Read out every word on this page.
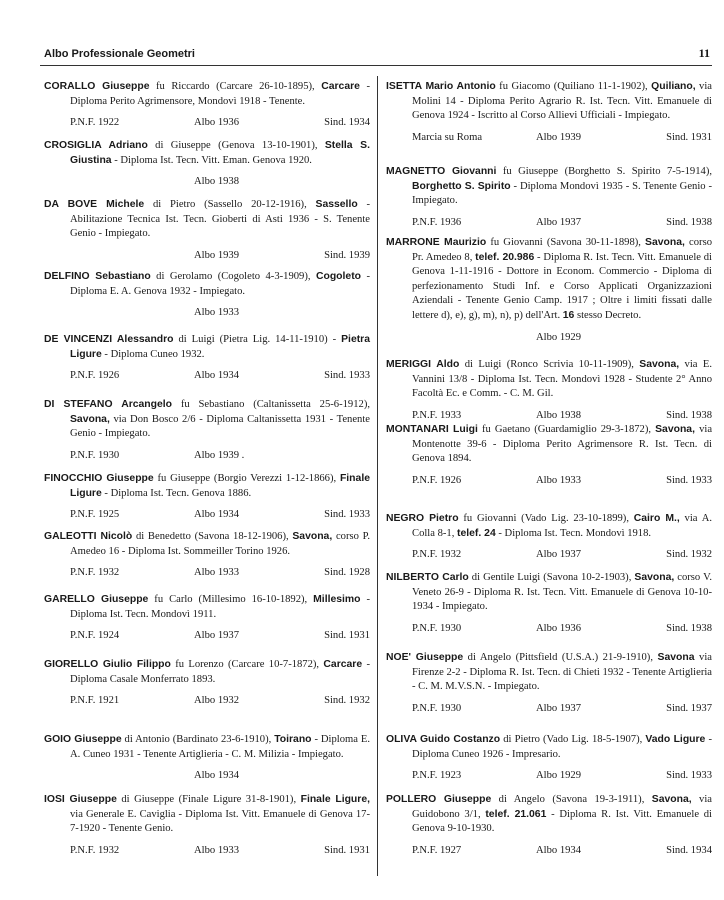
Albo Professionale Geometri	11
CORALLO Giuseppe fu Riccardo (Carcare 26-10-1895), Carcare - Diploma Perito Agrimensore, Mondovì 1918 - Tenente.
P.N.F. 1922	Albo 1936	Sind. 1934
CROSIGLIA Adriano di Giuseppe (Genova 13-10-1901), Stella S. Giustina - Diploma Ist. Tecn. Vitt. Eman. Genova 1920.
Albo 1938
DA BOVE Michele di Pietro (Sassello 20-12-1916), Sassello - Abilitazione Tecnica Ist. Tecn. Gioberti di Asti 1936 - S. Tenente Genio - Impiegato.
Albo 1939	Sind. 1939
DELFINO Sebastiano di Gerolamo (Cogoleto 4-3-1909), Cogoleto - Diploma E. A. Genova 1932 - Impiegato.
Albo 1933
DE VINCENZI Alessandro di Luigi (Pietra Lig. 14-11-1910) - Pietra Ligure - Diploma Cuneo 1932.
P.N.F. 1926	Albo 1934	Sind. 1933
DI STEFANO Arcangelo fu Sebastiano (Caltanissetta 25-6-1912), Savona, via Don Bosco 2/6 - Diploma Caltanissetta 1931 - Tenente Genio - Impiegato.
P.N.F. 1930	Albo 1939 .
FINOCCHIO Giuseppe fu Giuseppe (Borgio Verezzi 1-12-1866), Finale Ligure - Diploma Ist. Tecn. Genova 1886.
P.N.F. 1925	Albo 1934	Sind. 1933
GALEOTTI Nicolò di Benedetto (Savona 18-12-1906), Savona, corso P. Amedeo 16 - Diploma Ist. Sommeiller Torino 1926.
P.N.F. 1932	Albo 1933	Sind. 1928
GARELLO Giuseppe fu Carlo (Millesimo 16-10-1892), Millesimo - Diploma Ist. Tecn. Mondovì 1911.
P.N.F. 1924	Albo 1937	Sind. 1931
GIORELLO Giulio Filippo fu Lorenzo (Carcare 10-7-1872), Carcare - Diploma Casale Monferrato 1893.
P.N.F. 1921	Albo 1932	Sind. 1932
GOIO Giuseppe di Antonio (Bardinato 23-6-1910), Toirano - Diploma E. A. Cuneo 1931 - Tenente Artiglieria - C. M. Milizia - Impiegato.
Albo 1934
IOSI Giuseppe di Giuseppe (Finale Ligure 31-8-1901), Finale Ligure, via Generale E. Caviglia - Diploma Ist. Vitt. Emanuele di Genova 17-7-1920 - Tenente Genio.
P.N.F. 1932	Albo 1933	Sind. 1931
ISETTA Mario Antonio fu Giacomo (Quiliano 11-1-1902), Quiliano, via Molini 14 - Diploma Perito Agrario R. Ist. Tecn. Vitt. Emanuele di Genova 1924 - Iscritto al Corso Allievi Ufficiali - Impiegato.
Marcia su Roma	Albo 1939	Sind. 1931
MAGNETTO Giovanni fu Giuseppe (Borghetto S. Spirito 7-5-1914), Borghetto S. Spirito - Diploma Mondovì 1935 - S. Tenente Genio - Impiegato.
P.N.F. 1936	Albo 1937	Sind. 1938
MARRONE Maurizio fu Giovanni (Savona 30-11-1898), Savona, corso Pr. Amedeo 8, telef. 20.986 - Diploma R. Ist. Tecn. Vitt. Emanuele di Genova 1-11-1916 - Dottore in Econom. Commercio - Diploma di perfezionamento Studi Inf. e Corso Applicati Organizzazioni Aziendali - Tenente Genio Camp. 1917 ; Oltre i limiti fissati dalle lettere d), e), g), m), n), p) dell'Art. 16 stesso Decreto.
Albo 1929
MERIGGI Aldo di Luigi (Ronco Scrivia 10-11-1909), Savona, via E. Vannini 13/8 - Diploma Ist. Tecn. Mondovì 1928 - Studente 2° Anno Facoltà Ec. e Comm. - C. M. Gil.
P.N.F. 1933	Albo 1938	Sind. 1938
MONTANARI Luigi fu Gaetano (Guardamiglio 29-3-1872), Savona, via Montenotte 39-6 - Diploma Perito Agrimensore R. Ist. Tecn. di Genova 1894.
P.N.F. 1926	Albo 1933	Sind. 1933
NEGRO Pietro fu Giovanni (Vado Lig. 23-10-1899), Cairo M., via A. Colla 8-1, telef. 24 - Diploma Ist. Tecn. Mondovì 1918.
P.N.F. 1932	Albo 1937	Sind. 1932
NILBERTO Carlo di Gentile Luigi (Savona 10-2-1903), Savona, corso V. Veneto 26-9 - Diploma R. Ist. Tecn. Vitt. Emanuele di Genova 10-10-1934 - Impiegato.
P.N.F. 1930	Albo 1936	Sind. 1938
NOE' Giuseppe di Angelo (Pittsfield (U.S.A.) 21-9-1910), Savona via Firenze 2-2 - Diploma R. Ist. Tecn. di Chieti 1932 - Tenente Artiglieria - C. M. M.V.S.N. - Impiegato.
P.N.F. 1930	Albo 1937	Sind. 1937
OLIVA Guido Costanzo di Pietro (Vado Lig. 18-5-1907), Vado Ligure - Diploma Cuneo 1926 - Impresario.
P.N.F. 1923	Albo 1929	Sind. 1933
POLLERO Giuseppe di Angelo (Savona 19-3-1911), Savona, via Guidobono 3/1, telef. 21.061 - Diploma R. Ist. Vitt. Emanuele di Genova 9-10-1930.
P.N.F. 1927	Albo 1934	Sind. 1934
